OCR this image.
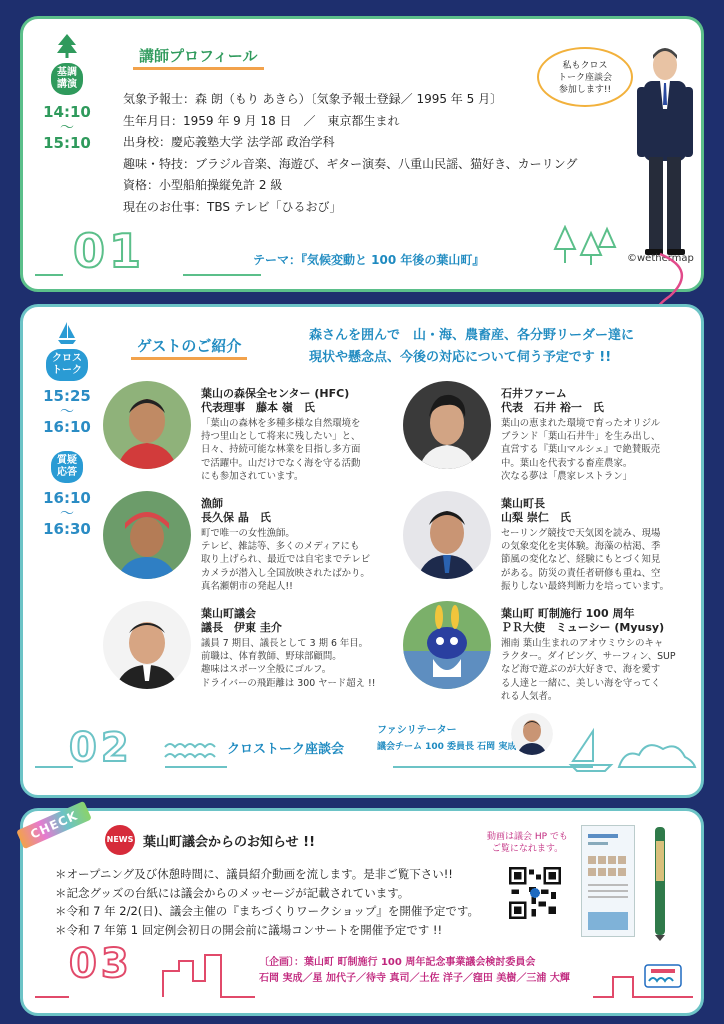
基調
講演
14:10
〜
15:10
講師プロフィール
気象予報士：森 朗（もり あきら）〔気象予報士登録／ 1995 年 5 月〕
生年月日：1959 年 9 月 18 日　／　東京都生まれ
出身校：慶応義塾大学 法学部 政治学科
趣味・特技：ブラジル音楽、海遊び、ギター演奏、八重山民謡、猫好き、カーリング
資格：小型船舶操縦免許 2 級
現在のお仕事：TBS テレビ「ひるおび」
私もクロス
トーク座談会
参加します!!
01	テーマ：『気候変動と 100 年後の葉山町』	©wethermap

クロス
トーク
15:25
〜
16:10
質疑
応答
16:10
〜
16:30
ゲストのご紹介
森さんを囲んで　山・海、農畜産、各分野リーダー達に
現状や懸念点、今後の対応について伺う予定です !!
葉山の森保全センター (HFC)
代表理事　藤本 嶺　氏
「葉山の森林を多種多様な自然環境を
持つ里山として将来に残したい」と、
日々、持続可能な林業を目指し多方面
で活躍中。山だけでなく海を守る活動
にも参加されています。
石井ファーム
代表　石井 裕一　氏
葉山の恵まれた環境で育ったオリジル
ブランド「葉山石井牛」を生み出し、
直営する『葉山マルシェ』で絶賛販売
中。葉山を代表する畜産農家。
次なる夢は「農家レストラン」
漁師
長久保 晶　氏
町で唯一の女性漁師。
テレビ、雑誌等、多くのメディアにも
取り上げられ、最近では自宅までテレビ
カメラが潜入し全国放映されたばかり。
真名瀬朝市の発起人!!
葉山町長
山梨 崇仁　氏
セーリング競技で天気図を読み、現場
の気象変化を実体験。海藻の枯渇、季
節風の変化など、経験にもとづく知見
がある。防災の責任者研修も重ね、空
振りしない最終判断力を培っています。
葉山町議会
議長　伊東 圭介
議員 7 期目、議長として 3 期 6 年目。
前職は、体育教師、野球部顧問。
趣味はスポーツ全般にゴルフ。
ドライバーの飛距離は 300 ヤード超え !!
葉山町 町制施行 100 周年
ＰＲ大使　ミューシー (Myusy)
湘南 葉山生まれのアオウミウシのキャ
ラクター。ダイビング、サーフィン、SUP
など海で遊ぶのが大好きで、海を愛す
る人達と一緒に、美しい海を守ってく
れる人気者。
02	クロストーク座談会
ファシリテーター
議会チーム 100 委員長 石岡 実成
CHECK	NEWS 葉山町議会からのお知らせ !!
＊オープニング及び休憩時間に、議員紹介動画を流します。是非ご覧下さい!!
＊記念グッズの台紙には議会からのメッセージが記載されています。
＊令和 7 年 2/2(日)、議会主催の『まちづくりワークショップ』を開催予定です。
＊令和 7 年第 1 回定例会初日の開会前に議場コンサートを開催予定です !!
動画は議会 HP でも
ご覧になれます。
03	〔企画〕：葉山町 町制施行 100 周年記念事業議会検討委員会
石岡 実成／星 加代子／待寺 真司／土佐 洋子／窪田 美樹／三浦 大輝
